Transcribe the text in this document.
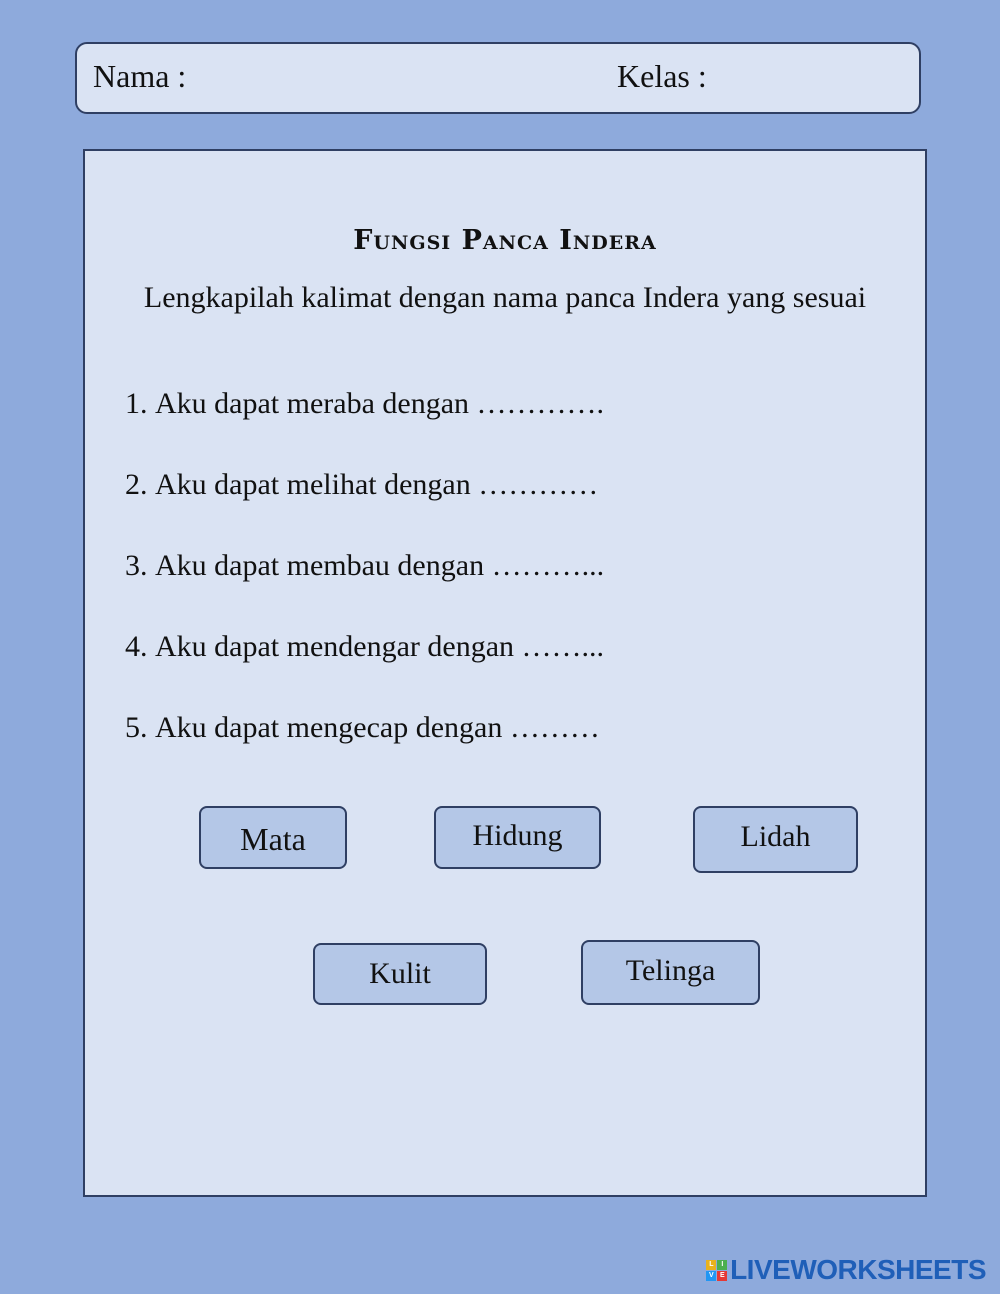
Nama :	Kelas :
Fungsi Panca Indera
Lengkapilah kalimat dengan nama panca Indera yang sesuai
1. Aku dapat meraba dengan ………….
2. Aku dapat melihat dengan …………
3. Aku dapat membau dengan ………...
4. Aku dapat mendengar dengan ……...
5. Aku dapat mengecap dengan ………
Mata	Hidung	Lidah
Kulit	Telinga
L	I
V E LIVEWORKSHEETS
